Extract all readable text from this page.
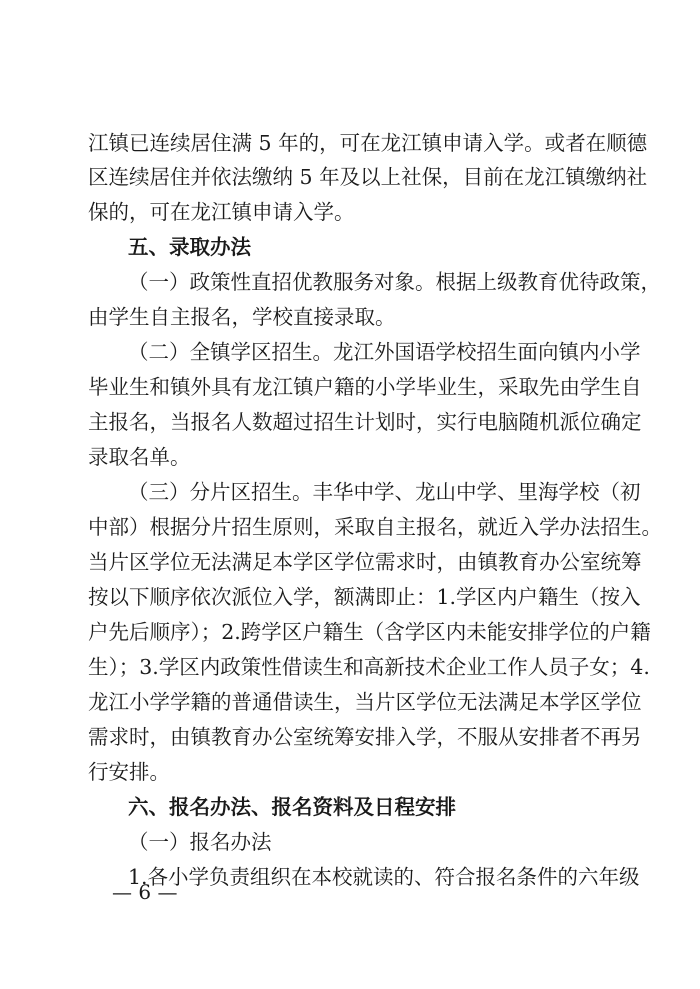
江镇已连续居住满 5 年的，可在龙江镇申请入学。或者在顺德
区连续居住并依法缴纳 5 年及以上社保，目前在龙江镇缴纳社
保的，可在龙江镇申请入学。
五、录取办法
（一）政策性直招优教服务对象。根据上级教育优待政策，
由学生自主报名，学校直接录取。
（二）全镇学区招生。龙江外国语学校招生面向镇内小学
毕业生和镇外具有龙江镇户籍的小学毕业生，采取先由学生自
主报名，当报名人数超过招生计划时，实行电脑随机派位确定
录取名单。
（三）分片区招生。丰华中学、龙山中学、里海学校（初
中部）根据分片招生原则，采取自主报名，就近入学办法招生。
当片区学位无法满足本学区学位需求时，由镇教育办公室统筹
按以下顺序依次派位入学，额满即止：1.学区内户籍生（按入
户先后顺序）；2.跨学区户籍生（含学区内未能安排学位的户籍
生）；3.学区内政策性借读生和高新技术企业工作人员子女；4.
龙江小学学籍的普通借读生，当片区学位无法满足本学区学位
需求时，由镇教育办公室统筹安排入学，不服从安排者不再另
行安排。
六、报名办法、报名资料及日程安排
（一）报名办法
1.各小学负责组织在本校就读的、符合报名条件的六年级
— 6 —
